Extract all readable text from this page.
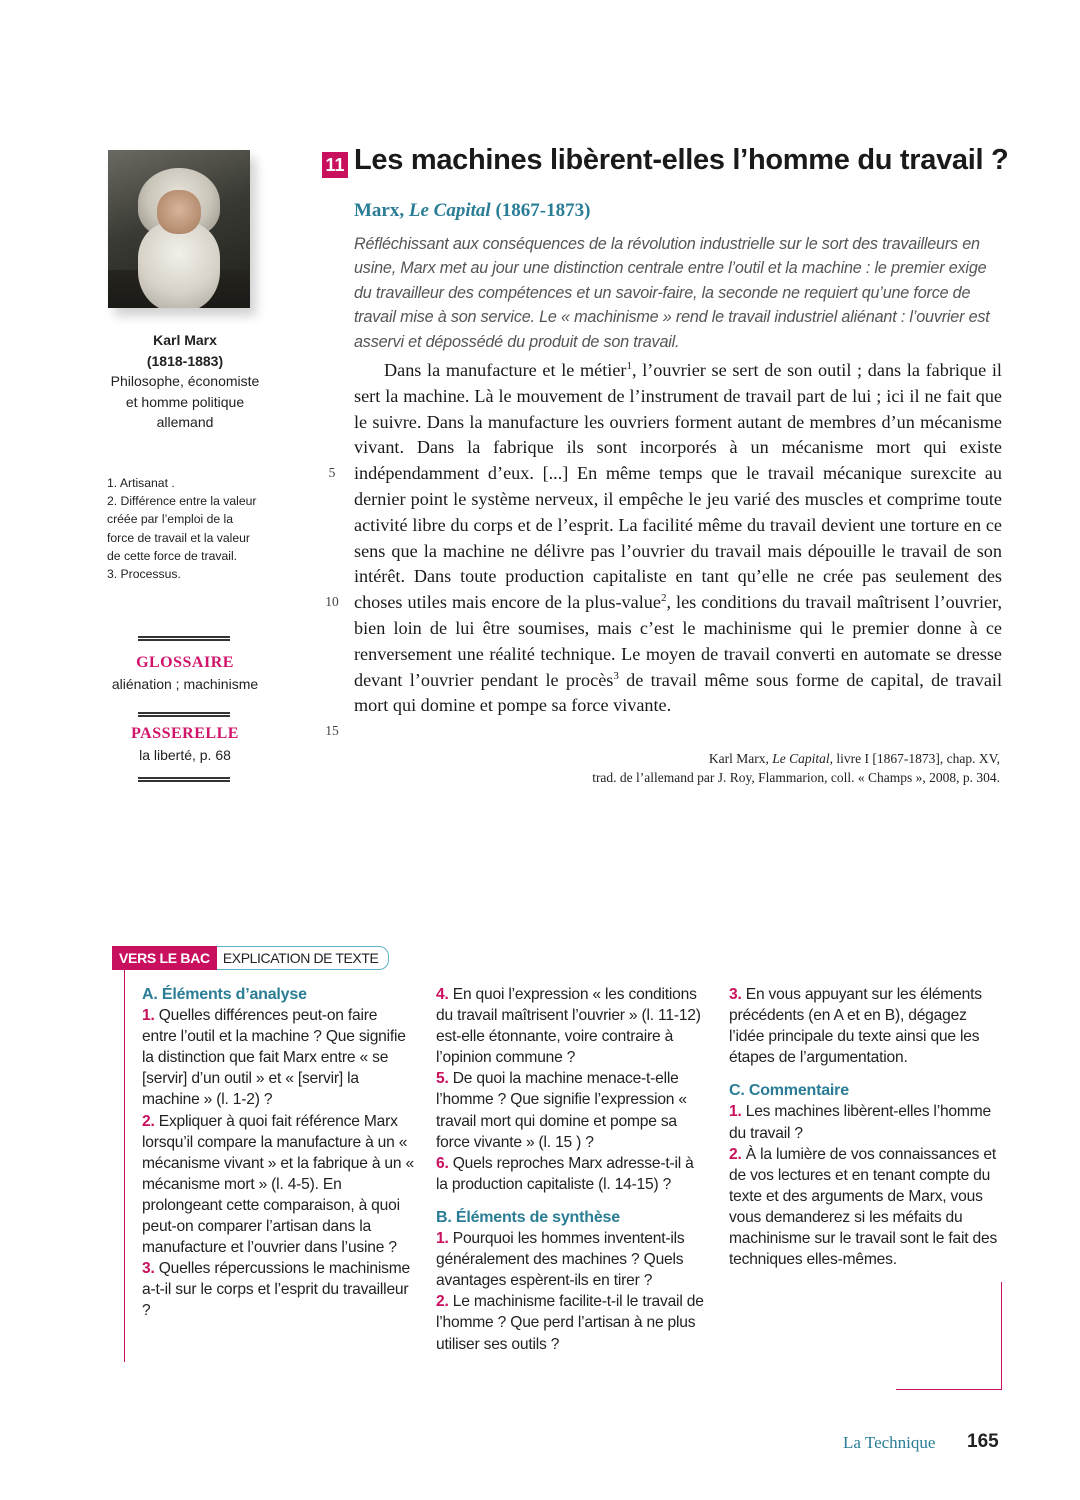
Karl Marx
(1818-1883)
Philosophe, économiste
et homme politique
allemand
1. Artisanat .
2. Différence entre la valeur
créée par l’emploi de la
force de travail et la valeur
de cette force de travail.
3. Processus.
GLOSSAIRE
aliénation ; machinisme
PASSERELLE
la liberté, p. 68
11 Les machines libèrent-elles l’homme du travail ?
Marx, Le Capital (1867-1873)
Réfléchissant aux conséquences de la révolution industrielle sur le sort des travailleurs en usine, Marx met au jour une distinction centrale entre l’outil et la machine : le premier exige du travailleur des compétences et un savoir-faire, la seconde ne requiert qu’une force de travail mise à son service. Le « machinisme » rend le travail industriel aliénant : l’ouvrier est asservi et dépossédé du produit de son travail.

Dans la manufacture et le métier$^1$, l’ouvrier se sert de son outil ; dans la fabrique il sert la machine. Là le mouvement de l’instrument de travail part de lui ; ici il ne fait que le suivre. Dans la manufacture les ouvriers forment autant de membres d’un mécanisme vivant. Dans la fabrique ils sont incorporés à un mécanisme mort qui existe indépendamment d’eux. [...] En même temps que le travail mécanique surexcite au dernier point le système nerveux, il empêche le jeu varié des muscles et comprime toute activité libre du corps et de l’esprit. La facilité même du travail devient une torture en ce sens que la machine ne délivre pas l’ouvrier du travail mais dépouille le travail de son intérêt. Dans toute production capitaliste en tant qu’elle ne crée pas seulement des choses utiles mais encore de la plus-value$^2$, les conditions du travail maîtrisent l’ouvrier, bien loin de lui être soumises, mais c’est le machinisme qui le premier donne à ce renversement une réalité technique. Le moyen de travail converti en automate se dresse devant l’ouvrier pendant le procès$^3$ de travail même sous forme de capital, de travail mort qui domine et pompe sa force vivante.

5
10
15
Karl Marx, Le Capital, livre I [1867-1873], chap. XV,
trad. de l’allemand par J. Roy, Flammarion, coll. « Champs », 2008, p. 304.
VERS LE BAC EXPLICATION DE TEXTE
A. Éléments d’analyse
1. Quelles différences peut-on faire entre l’outil et la machine ? Que signifie la distinction que fait Marx entre « se [servir] d’un outil » et « [servir] la machine » (l. 1-2) ?
2. Expliquer à quoi fait référence Marx lorsqu’il compare la manufacture à un « mécanisme vivant » et la fabrique à un « mécanisme mort » (l. 4-5). En prolongeant cette comparaison, à quoi peut-on comparer l’artisan dans la manufacture et l’ouvrier dans l’usine ?
3. Quelles répercussions le machinisme a-t-il sur le corps et l’esprit du travailleur ?
4. En quoi l’expression « les conditions du travail maîtrisent l’ouvrier » (l. 11-12) est-elle étonnante, voire contraire à l’opinion commune ?
5. De quoi la machine menace-t-elle l’homme ? Que signifie l’expression « travail mort qui domine et pompe sa force vivante » (l. 15 ) ?
6. Quels reproches Marx adresse-t-il à la production capitaliste (l. 14-15) ?
B. Éléments de synthèse
1. Pourquoi les hommes inventent-ils généralement des machines ? Quels avantages espèrent-ils en tirer ?
2. Le machinisme facilite-t-il le travail de l’homme ? Que perd l’artisan à ne plus utiliser ses outils ?
3. En vous appuyant sur les éléments précédents (en A et en B), dégagez l’idée principale du texte ainsi que les étapes de l’argumentation.
C. Commentaire
1. Les machines libèrent-elles l’homme du travail ?
2. À la lumière de vos connaissances et de vos lectures et en tenant compte du texte et des arguments de Marx, vous vous demanderez si les méfaits du machinisme sur le travail sont le fait des techniques elles-mêmes.
La Technique 165
